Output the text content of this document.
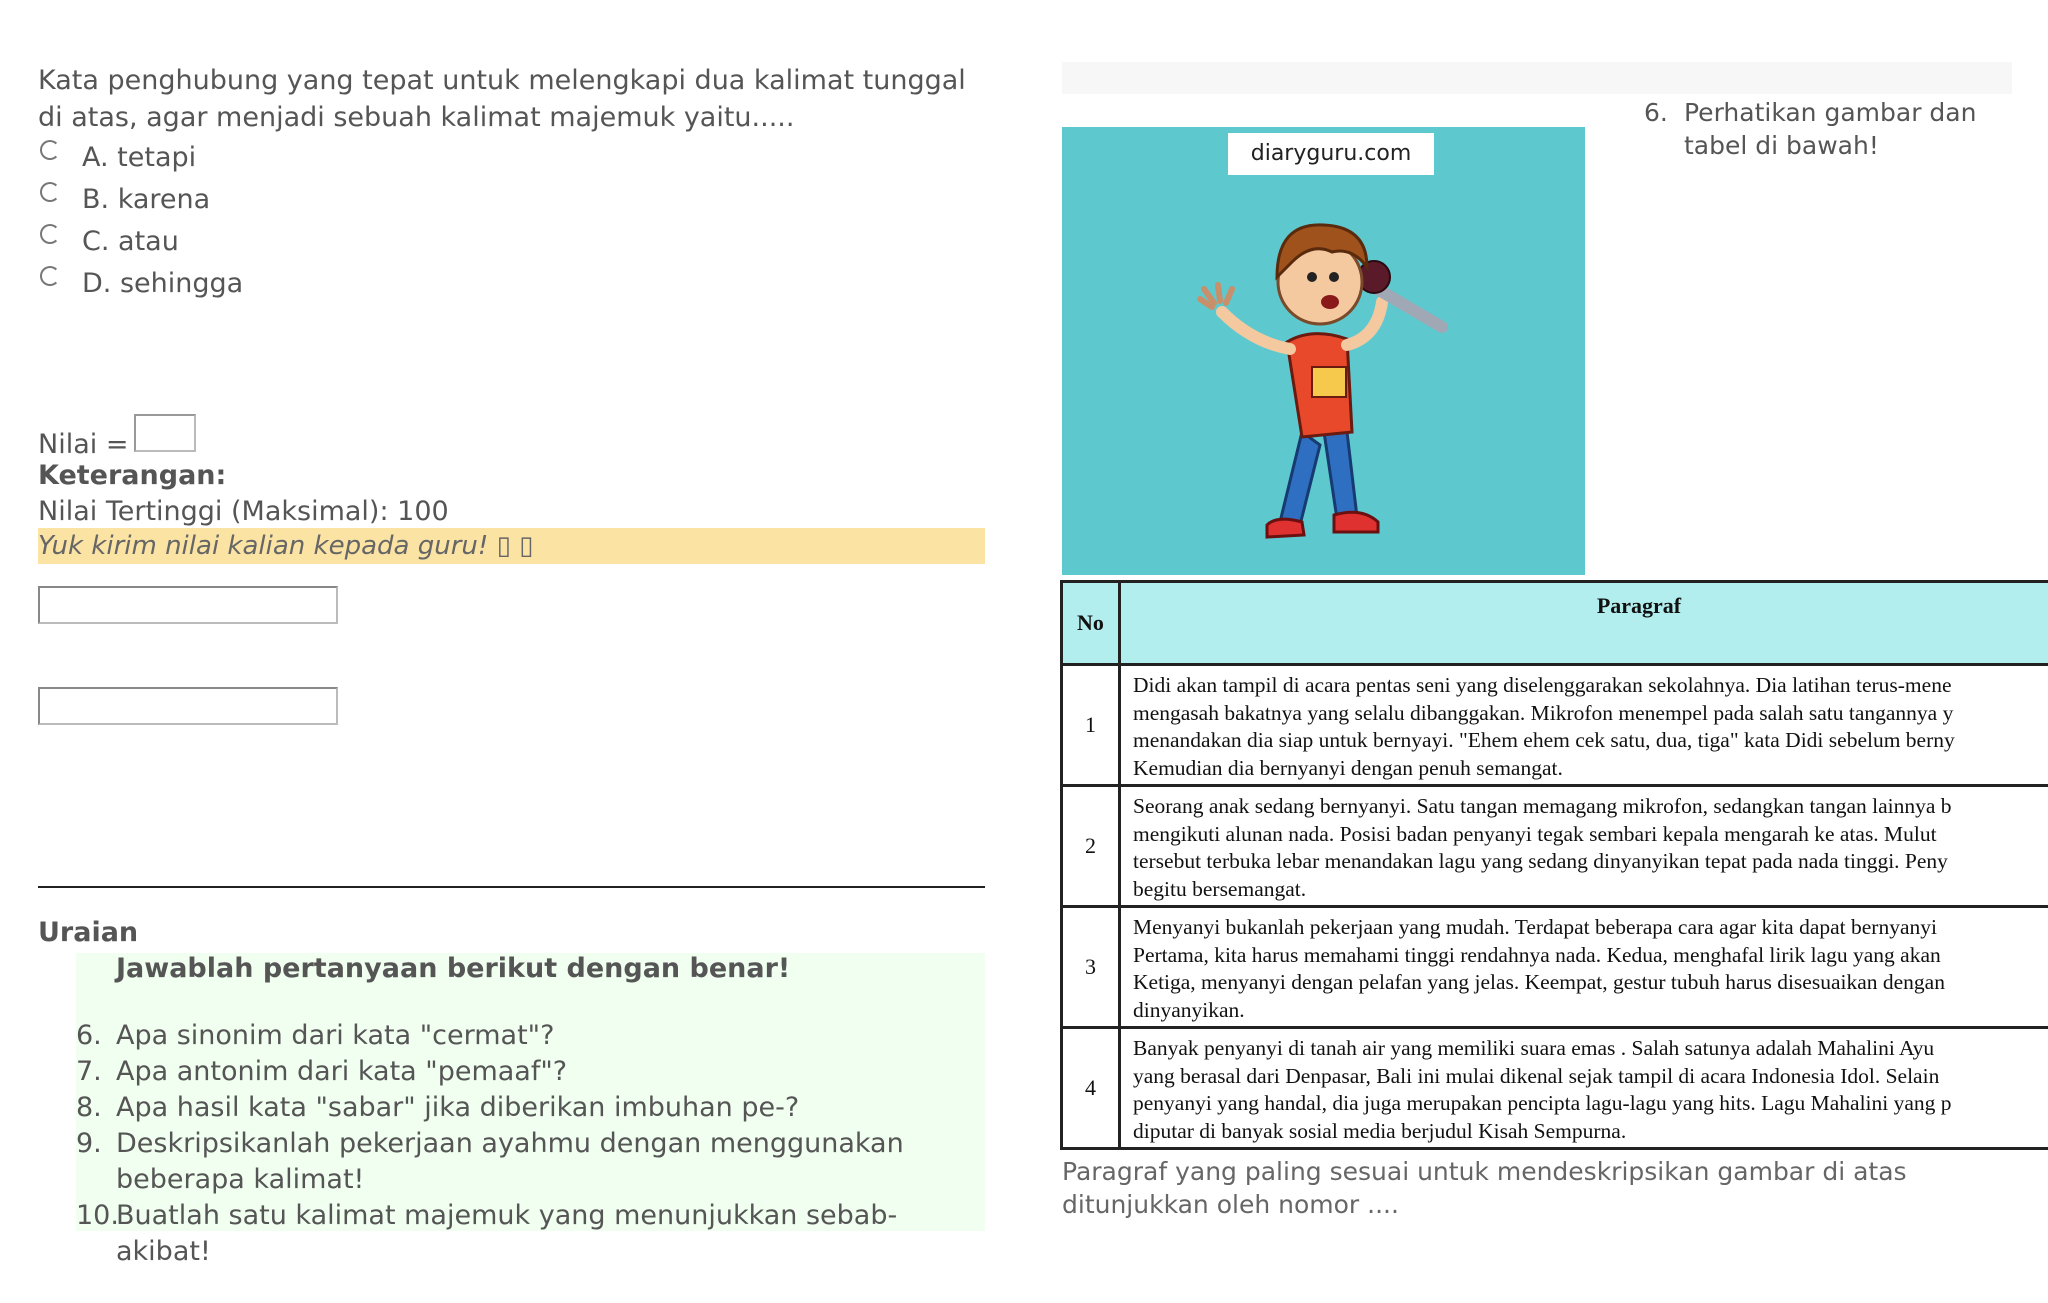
Kata penghubung yang tepat untuk melengkapi dua kalimat tunggal di atas, agar menjadi sebuah kalimat majemuk yaitu.....
A. tetapi
B. karena
C. atau
D. sehingga
Nilai =
Keterangan:
Nilai Tertinggi (Maksimal): 100
Yuk kirim nilai kalian kepada guru! ▯ ▯
Uraian
Jawablah pertanyaan berikut dengan benar!
6. Apa sinonim dari kata "cermat"?
7. Apa antonim dari kata "pemaaf"?
8. Apa hasil kata "sabar" jika diberikan imbuhan pe-?
9. Deskripsikanlah pekerjaan ayahmu dengan menggunakan beberapa kalimat!
10.
Buatlah satu kalimat majemuk yang menunjukkan sebab-akibat!
6. Perhatikan gambar dan tabel di bawah!
diaryguru.com
No	Paragraf
1	Didi akan tampil di acara pentas seni yang diselenggarakan sekolahnya. Dia latihan terus-mene
mengasah bakatnya yang selalu dibanggakan. Mikrofon menempel pada salah satu tangannya y
menandakan dia siap untuk bernyayi. "Ehem ehem cek satu, dua, tiga" kata Didi sebelum berny
Kemudian dia bernyanyi dengan penuh semangat.

2	Seorang anak sedang bernyanyi. Satu tangan memagang mikrofon, sedangkan tangan lainnya b
mengikuti alunan nada. Posisi badan penyanyi tegak sembari kepala mengarah ke atas. Mulut
tersebut terbuka lebar menandakan lagu yang sedang dinyanyikan tepat pada nada tinggi. Peny
begitu bersemangat.

3	Menyanyi bukanlah pekerjaan yang mudah. Terdapat beberapa cara agar kita dapat bernyanyi
Pertama, kita harus memahami tinggi rendahnya nada. Kedua, menghafal lirik lagu yang akan
Ketiga, menyanyi dengan pelafan yang jelas. Keempat, gestur tubuh harus disesuaikan dengan
dinyanyikan.

4	Banyak penyanyi di tanah air yang memiliki suara emas . Salah satunya adalah Mahalini Ayu
yang berasal dari Denpasar, Bali ini mulai dikenal sejak tampil di acara Indonesia Idol. Selain
penyanyi yang handal, dia juga merupakan pencipta lagu-lagu yang hits. Lagu Mahalini yang p
diputar di banyak sosial media berjudul Kisah Sempurna.
Paragraf yang paling sesuai untuk mendeskripsikan gambar di atas ditunjukkan oleh nomor ....
